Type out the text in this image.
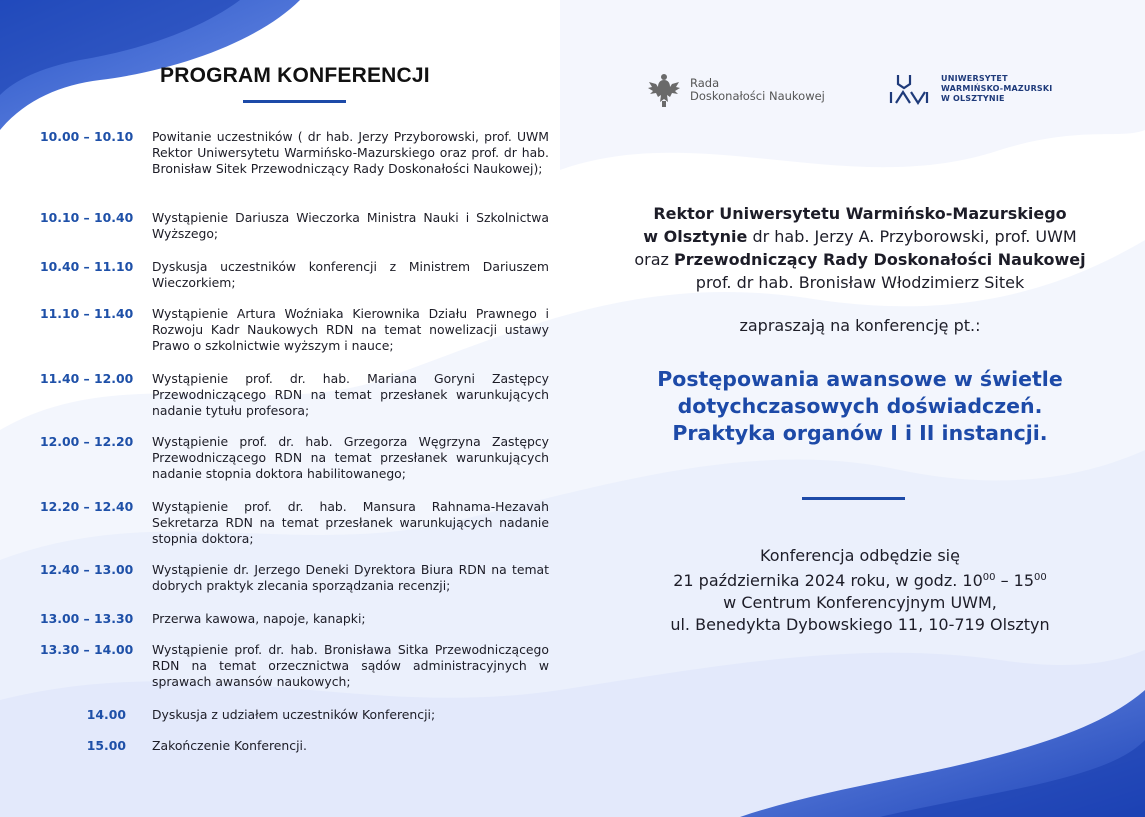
PROGRAM KONFERENCJI
10.00 – 10.10 Powitanie uczestników ( dr hab. Jerzy Przyborowski, prof. UWM Rektor Uniwersytetu Warmińsko-Mazurskiego oraz prof. dr hab. Bronisław Sitek Przewodniczący Rady Doskonałości Naukowej);
10.10 – 10.40 Wystąpienie Dariusza Wieczorka Ministra Nauki i Szkolnictwa Wyższego;
10.40 – 11.10 Dyskusja uczestników konferencji z Ministrem Dariuszem Wieczorkiem;
11.10 – 11.40 Wystąpienie Artura Woźniaka Kierownika Działu Prawnego i Rozwoju Kadr Naukowych RDN na temat nowelizacji ustawy Prawo o szkolnictwie wyższym i nauce;
11.40 – 12.00 Wystąpienie prof. dr. hab. Mariana Goryni Zastępcy Przewodniczącego RDN na temat przesłanek warunkujących nadanie tytułu profesora;
12.00 – 12.20 Wystąpienie prof. dr. hab. Grzegorza Węgrzyna Zastępcy Przewodniczącego RDN na temat przesłanek warunkujących nadanie stopnia doktora habilitowanego;
12.20 – 12.40 Wystąpienie prof. dr. hab. Mansura Rahnama-Hezavah Sekretarza RDN na temat przesłanek warunkujących nadanie stopnia doktora;
12.40 – 13.00 Wystąpienie dr. Jerzego Deneki Dyrektora Biura RDN na temat dobrych praktyk zlecania sporządzania recenzji;
13.00 – 13.30 Przerwa kawowa, napoje, kanapki;
13.30 – 14.00 Wystąpienie prof. dr. hab. Bronisława Sitka Przewodniczącego RDN na temat orzecznictwa sądów administracyjnych w sprawach awansów naukowych;
14.00 Dyskusja z udziałem uczestników Konferencji;
15.00 Zakończenie Konferencji.
Rada
Doskonałości Naukowej
UNIWERSYTET
WARMIŃSKO-MAZURSKI
W OLSZTYNIE
Rektor Uniwersytetu Warmińsko-Mazurskiego
w Olsztynie dr hab. Jerzy A. Przyborowski, prof. UWM
oraz Przewodniczący Rady Doskonałości Naukowej
prof. dr hab. Bronisław Włodzimierz Sitek
zapraszają na konferencję pt.:
Postępowania awansowe w świetle
dotychczasowych doświadczeń.
Praktyka organów I i II instancji.
Konferencja odbędzie się
21 października 2024 roku, w godz. $10^{00} - 15^{00}$
w Centrum Konferencyjnym UWM,
ul. Benedykta Dybowskiego 11, 10-719 Olsztyn
